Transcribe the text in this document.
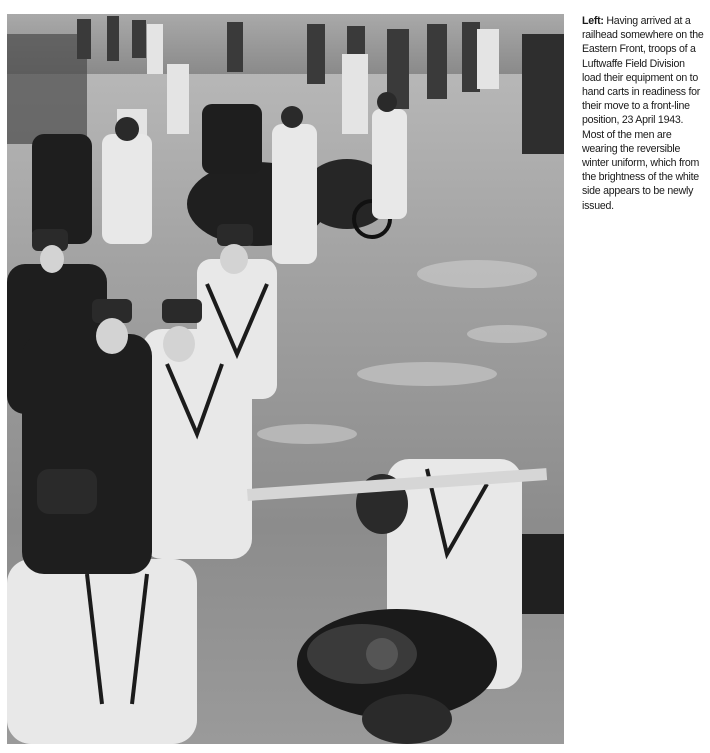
Left: Having arrived at a railhead somewhere on the Eastern Front, troops of a Luftwaffe Field Division load their equipment on to hand carts in readiness for their move to a front-line position, 23 April 1943. Most of the men are wearing the reversible winter uniform, which from the brightness of the white side appears to be newly issued.
